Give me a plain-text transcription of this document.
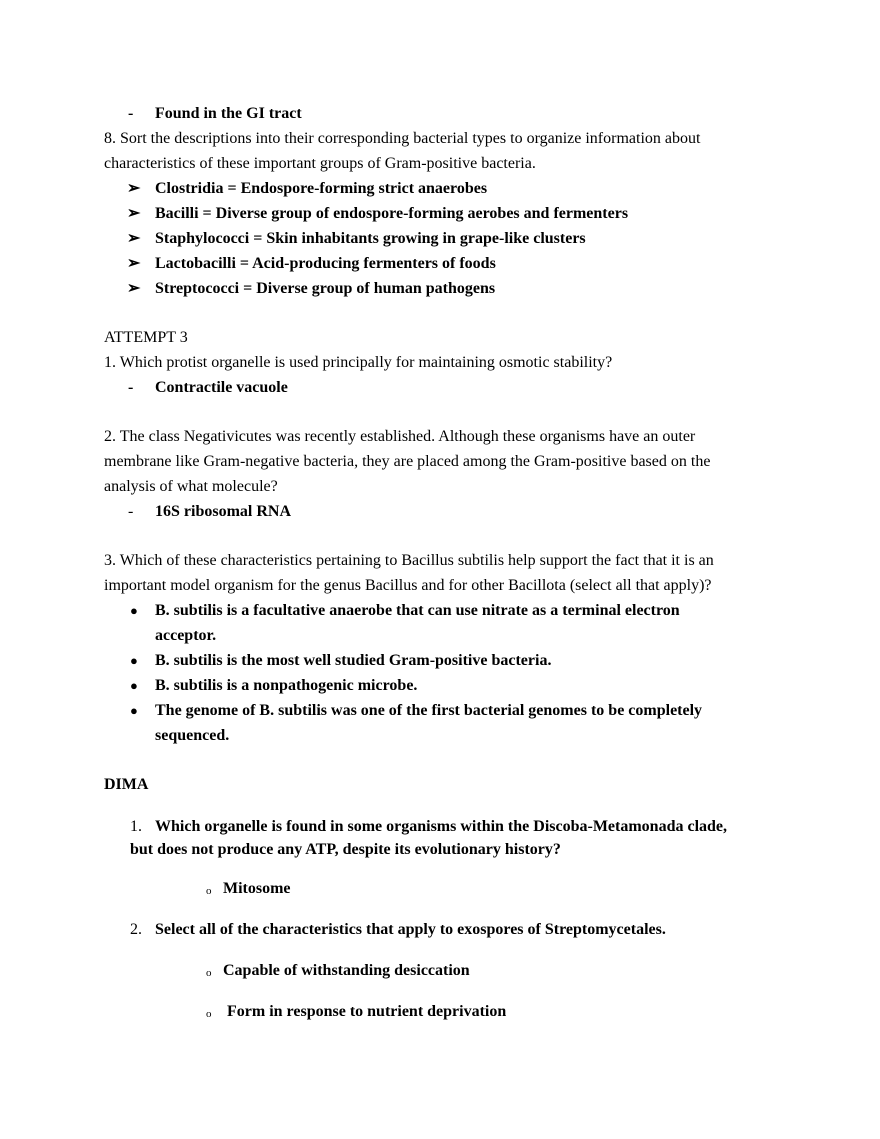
- Found in the GI tract
8. Sort the descriptions into their corresponding bacterial types to organize information about
characteristics of these important groups of Gram-positive bacteria.
➢ Clostridia = Endospore-forming strict anaerobes
➢ Bacilli = Diverse group of endospore-forming aerobes and fermenters
➢ Staphylococci = Skin inhabitants growing in grape-like clusters
➢ Lactobacilli = Acid-producing fermenters of foods
➢ Streptococci = Diverse group of human pathogens
ATTEMPT 3
1. Which protist organelle is used principally for maintaining osmotic stability?
- Contractile vacuole
2. The class Negativicutes was recently established. Although these organisms have an outer
membrane like Gram-negative bacteria, they are placed among the Gram-positive based on the
analysis of what molecule?
- 16S ribosomal RNA
3. Which of these characteristics pertaining to Bacillus subtilis help support the fact that it is an
important model organism for the genus Bacillus and for other Bacillota (select all that apply)?
● B. subtilis is a facultative anaerobe that can use nitrate as a terminal electron
acceptor.
● B. subtilis is the most well studied Gram-positive bacteria.
● B. subtilis is a nonpathogenic microbe.
● The genome of B. subtilis was one of the first bacterial genomes to be completely
sequenced.
DIMA
1. Which organelle is found in some organisms within the Discoba-Metamonada clade,
but does not produce any ATP, despite its evolutionary history?
o Mitosome
2. Select all of the characteristics that apply to exospores of Streptomycetales.
o Capable of withstanding desiccation
o Form in response to nutrient deprivation
